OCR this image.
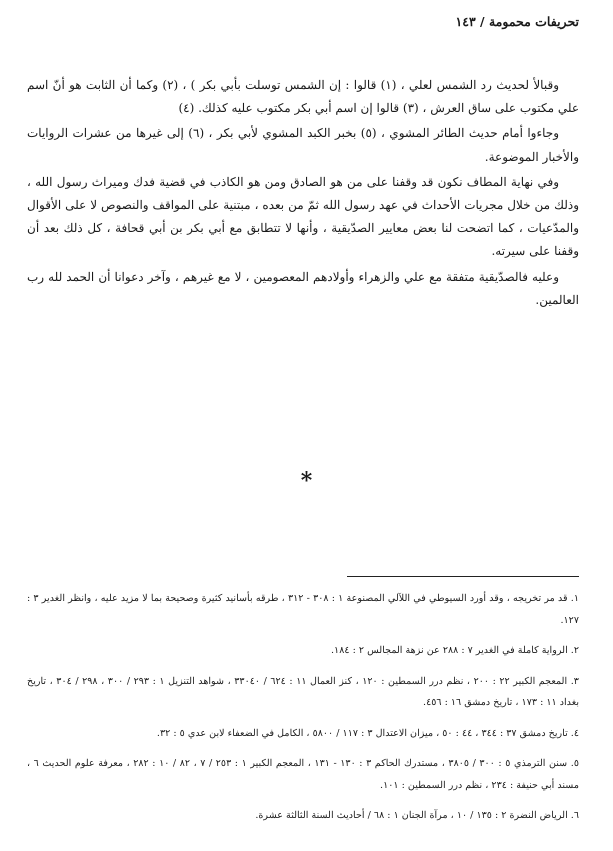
تحريفات محمومة / ١٤٣

وقبالأ لحديث رد الشمس لعلي ، (١) قالوا : إن الشمس توسلت بأبي بكر ) ، (٢) وكما أن الثابت هو أنّ اسم علي مكتوب على ساق العرش ، (٣) قالوا إن اسم أبي بكر مكتوب عليه كذلك. (٤)

وجاءوا أمام حديث الطائر المشوي ، (٥) بخبر الكبد المشوي لأبي بكر ، (٦) إلى غيرها من عشرات الروايات والأخبار الموضوعة.

وفي نهاية المطاف نكون قد وقفنا على من هو الصادق ومن هو الكاذب في قضية فدك وميراث رسول الله ، وذلك من خلال مجريات الأحداث في عهد رسول الله ثمّ من بعده ، مبتنية على المواقف والنصوص لا على الأقوال والمدّعيات ، كما اتضحت لنا بعض معايير الصدّيقية ، وأنها لا تتطابق مع أبي بكر بن أبي قحافة ، كل ذلك بعد أن وقفنا على سيرته.

وعليه فالصدّيقية متفقة مع علي والزهراء وأولادهم المعصومين ، لا مع غيرهم ، وآخر دعوانا أن الحمد لله رب العالمين.

*

١. قد مر تخريجه ، وقد أورد السيوطي في اللآلي المصنوعة ١ : ٣٠٨ - ٣١٢ ، طرقه بأسانيد كثيرة وصحيحة بما لا مزيد عليه ، وانظر الغدير ٣ : ١٢٧.

٢. الرواية كاملة في الغدير ٧ : ٢٨٨ عن نزهة المجالس ٢ : ١٨٤.

٣. المعجم الكبير ٢٢ : ٢٠٠ ، نظم درر السمطين : ١٢٠ ، كنز العمال ١١ : ٦٢٤ / ٣٣٠٤٠ ، شواهد التنزيل ١ : ٢٩٣ / ٣٠٠ ، ٢٩٨ / ٣٠٤ ، تاريخ بغداد ١١ : ١٧٣ ، تاريخ دمشق ١٦ : ٤٥٦.

٤. تاريخ دمشق ٣٧ : ٣٤٤ ، ٤٤ : ٥٠ ، ميزان الاعتدال ٣ : ١١٧ / ٥٨٠٠ ، الكامل في الضعفاء لابن عدي ٥ : ٣٢.

٥. سنن الترمذي ٥ : ٣٠٠ / ٣٨٠٥ ، مستدرك الحاكم ٣ : ١٣٠ - ١٣١ ، المعجم الكبير ١ : ٢٥٣ / ٧ ، ٨٢ / ١٠ : ٢٨٢ ، معرفة علوم الحديث ٦ ، مسند أبي حنيفة : ٢٣٤ ، نظم درر السمطين : ١٠١.

٦. الرياض النضرة ٢ : ١٣٥ / ١٠ ، مرآة الجنان ١ : ٦٨ / أحاديث السنة الثالثة عشرة.
